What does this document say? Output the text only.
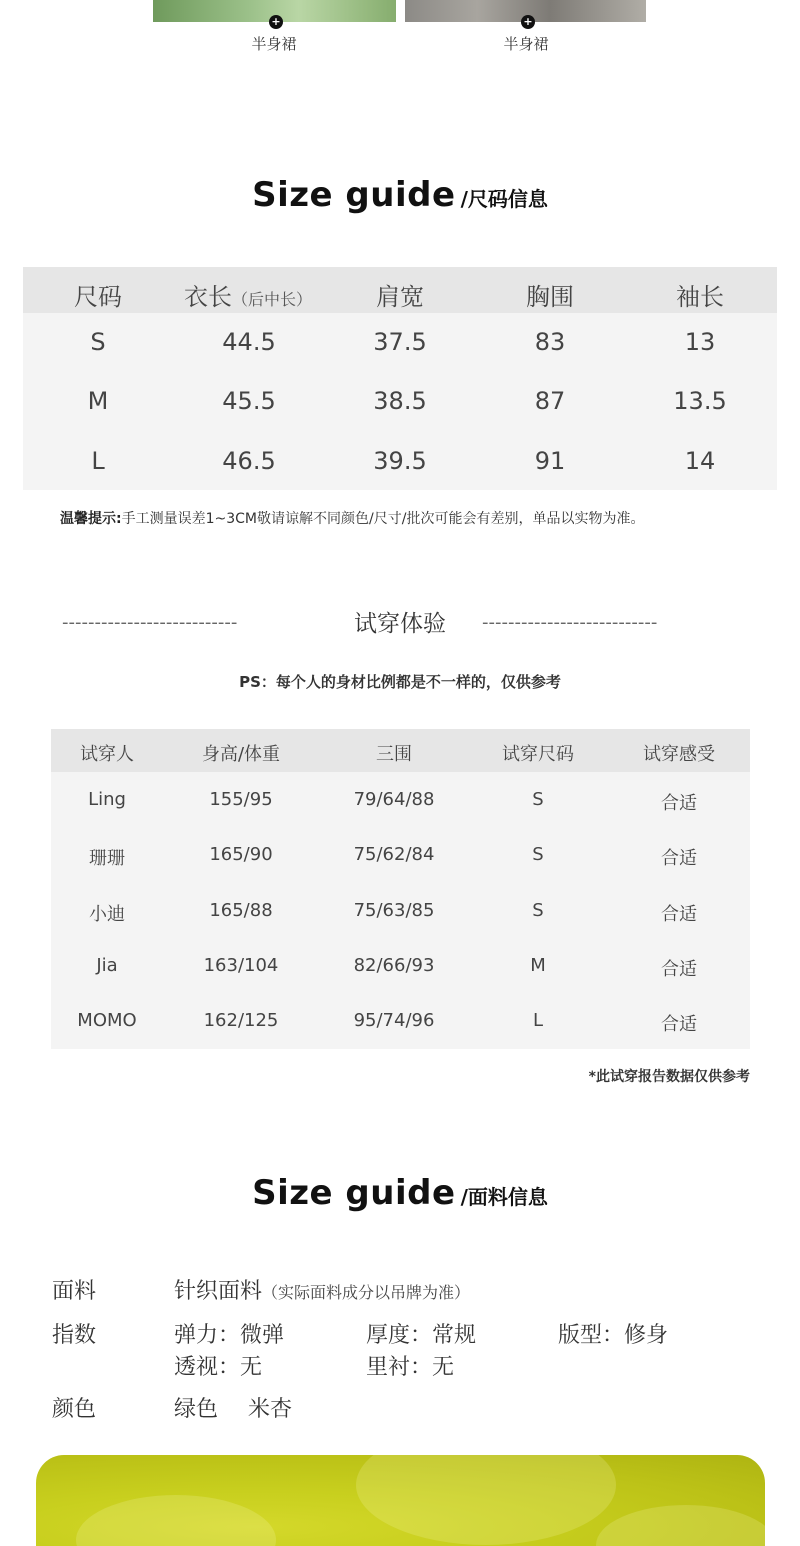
+
半身裙
+
半身裙
Size guide /尺码信息
尺码	衣长（后中长）	肩宽	胸围	袖长
S	44.5	37.5	83	13
M	45.5	38.5	87	13.5
L	46.5	39.5	91	14
温馨提示:手工测量误差1~3CM敬请谅解不同颜色/尺寸/批次可能会有差别，单品以实物为准。
---------------------------	试穿体验	---------------------------
PS：每个人的身材比例都是不一样的，仅供参考
试穿人	身高/体重	三围	试穿尺码	试穿感受
Ling	155/95	79/64/88	S	合适
珊珊	165/90	75/62/84	S	合适
小迪	165/88	75/63/85	S	合适
Jia	163/104	82/66/93	M	合适
MOMO	162/125	95/74/96	L	合适
*此试穿报告数据仅供参考
Size guide /面料信息
面料	针织面料（实际面料成分以吊牌为准）
指数	弹力：微弹	厚度：常规	版型：修身
透视：无	里衬：无
颜色	绿色 米杏
